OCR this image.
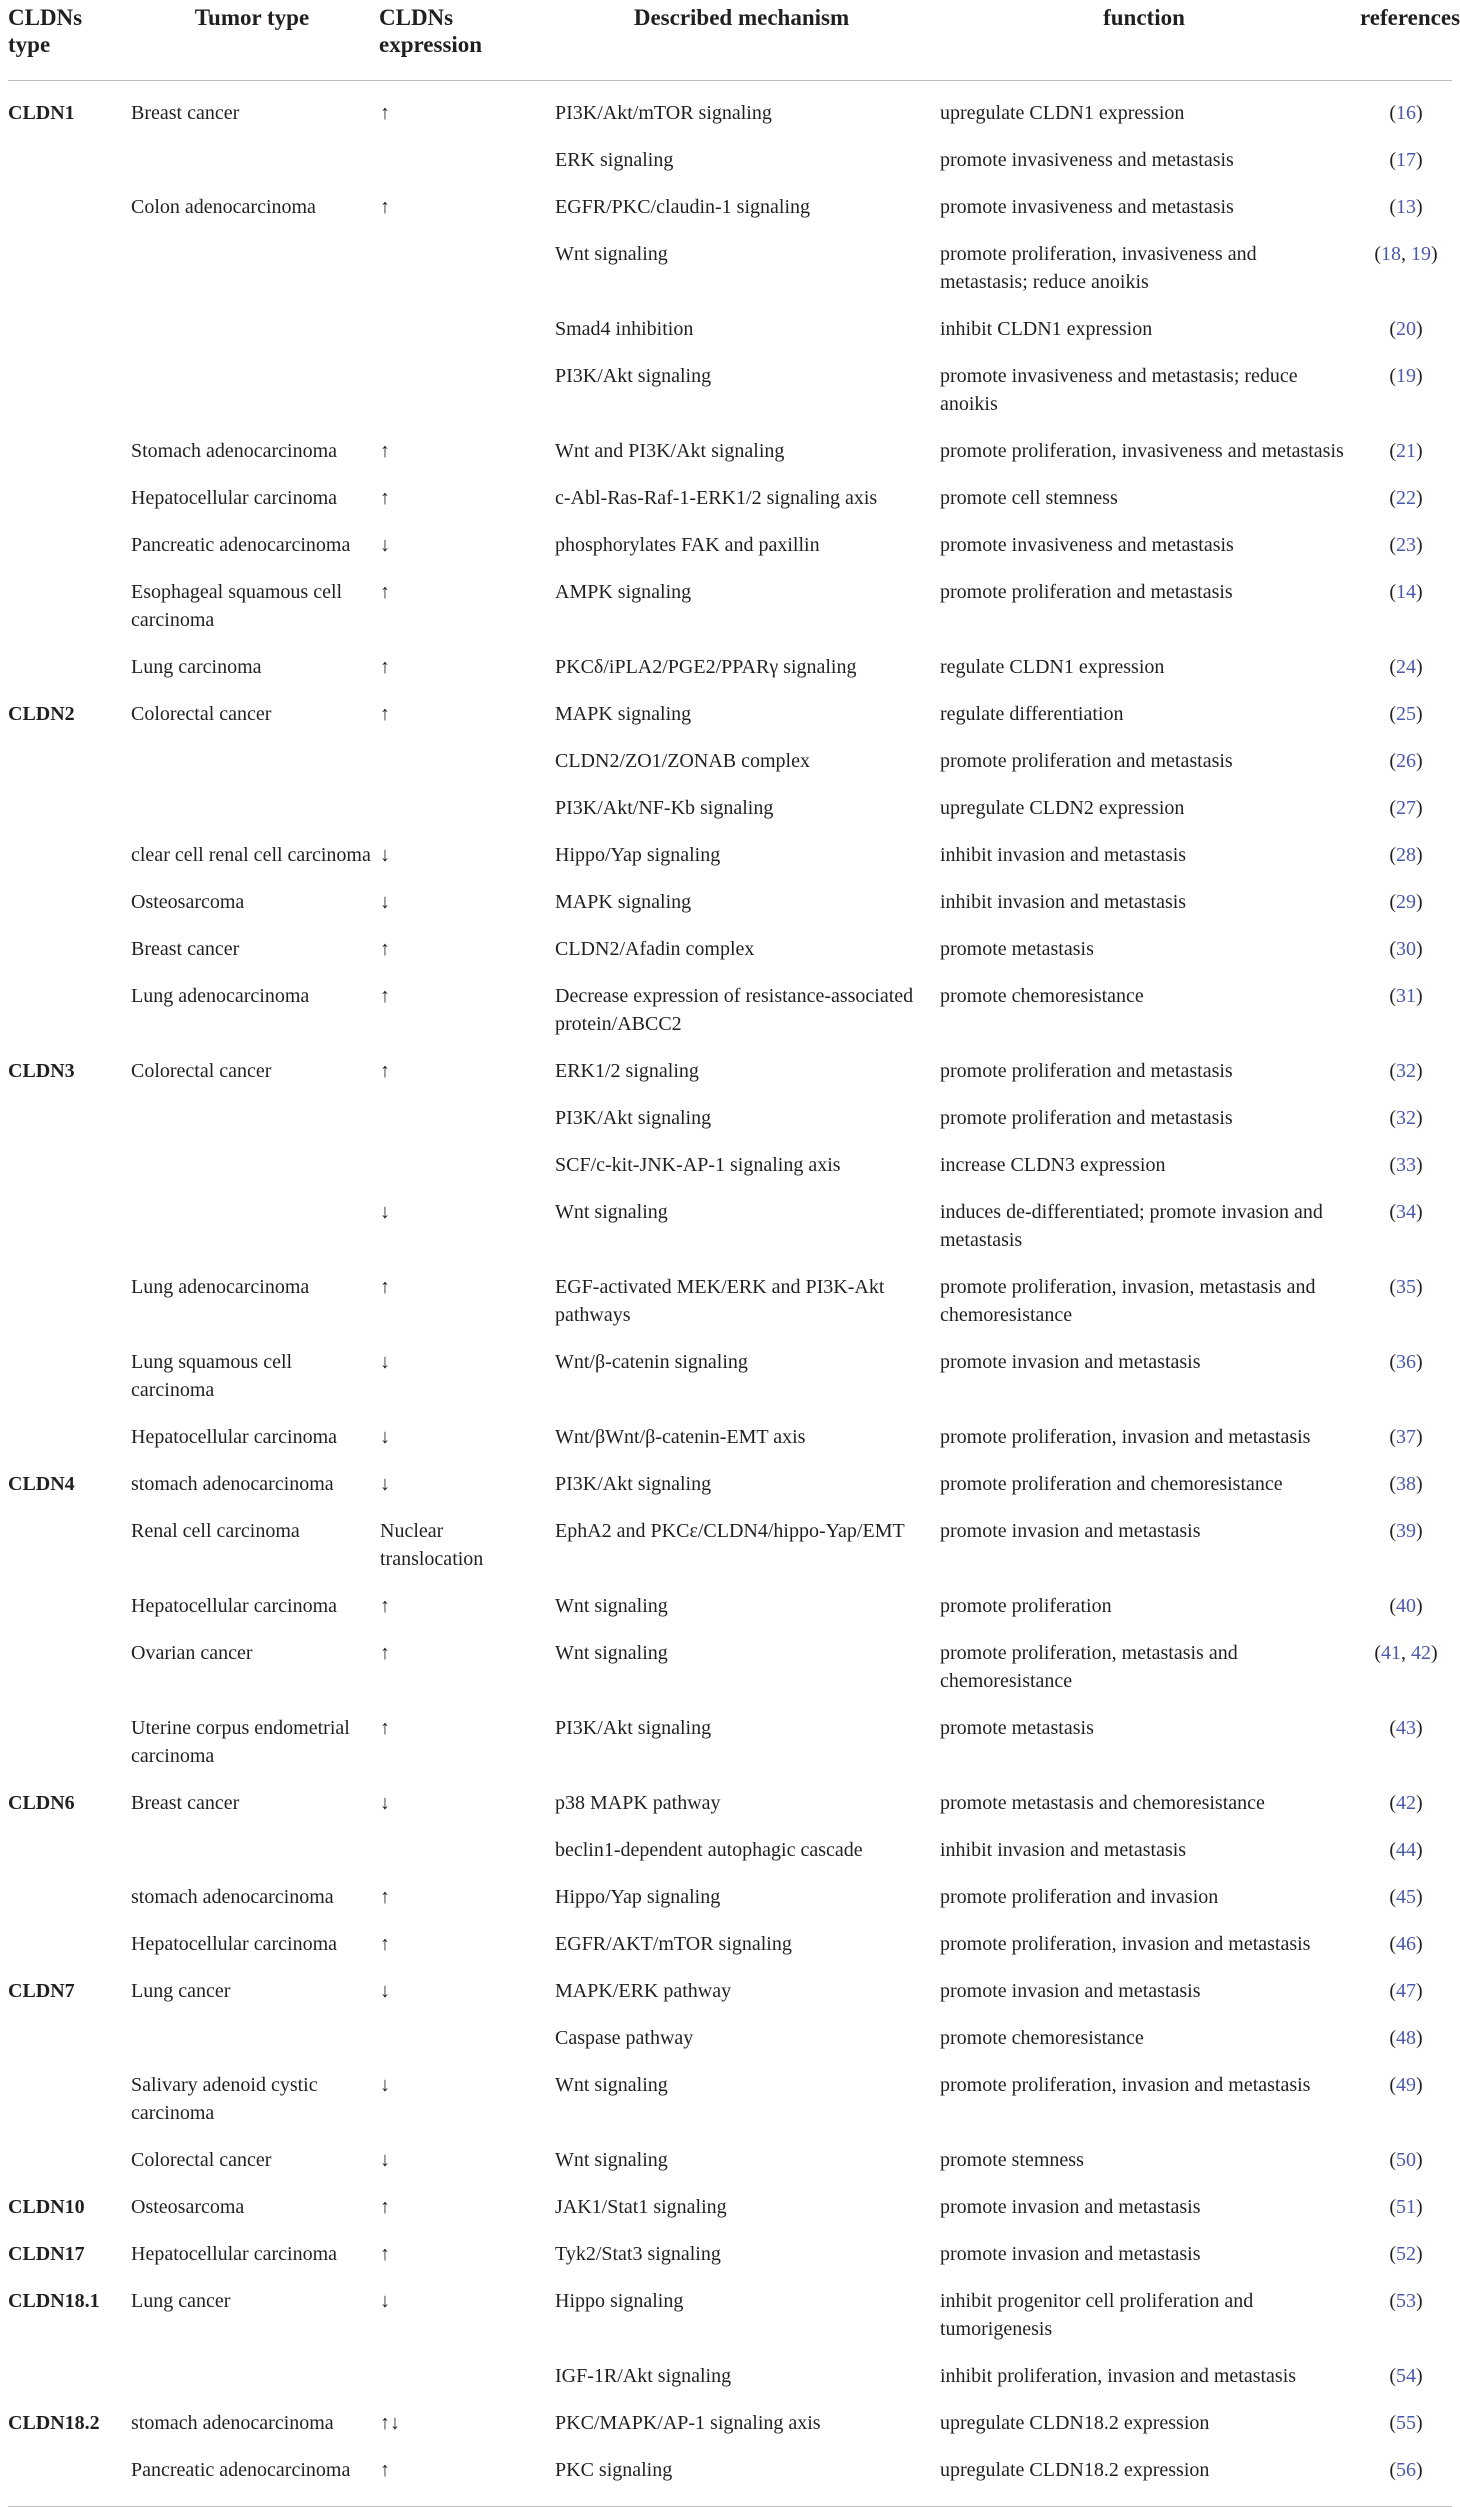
CLDNs type	Tumor type	CLDNs expression	Described mechanism	function	references
CLDN1	Breast cancer	↑	PI3K/Akt/mTOR signaling	upregulate CLDN1 expression	(16)
			ERK signaling	promote invasiveness and metastasis	(17)
	Colon adenocarcinoma	↑	EGFR/PKC/claudin-1 signaling	promote invasiveness and metastasis	(13)
			Wnt signaling	promote proliferation, invasiveness and metastasis; reduce anoikis	(18, 19)
			Smad4 inhibition	inhibit CLDN1 expression	(20)
			PI3K/Akt signaling	promote invasiveness and metastasis; reduce anoikis	(19)
	Stomach adenocarcinoma	↑	Wnt and PI3K/Akt signaling	promote proliferation, invasiveness and metastasis	(21)
	Hepatocellular carcinoma	↑	c-Abl-Ras-Raf-1-ERK1/2 signaling axis	promote cell stemness	(22)
	Pancreatic adenocarcinoma	↓	phosphorylates FAK and paxillin	promote invasiveness and metastasis	(23)
	Esophageal squamous cell carcinoma	↑	AMPK signaling	promote proliferation and metastasis	(14)
	Lung carcinoma	↑	PKCδ/iPLA2/PGE2/PPARγ signaling	regulate CLDN1 expression	(24)
CLDN2	Colorectal cancer	↑	MAPK signaling	regulate differentiation	(25)
			CLDN2/ZO1/ZONAB complex	promote proliferation and metastasis	(26)
			PI3K/Akt/NF-Kb signaling	upregulate CLDN2 expression	(27)
	clear cell renal cell carcinoma	↓	Hippo/Yap signaling	inhibit invasion and metastasis	(28)
	Osteosarcoma	↓	MAPK signaling	inhibit invasion and metastasis	(29)
	Breast cancer	↑	CLDN2/Afadin complex	promote metastasis	(30)
	Lung adenocarcinoma	↑	Decrease expression of resistance-associated protein/ABCC2	promote chemoresistance	(31)
CLDN3	Colorectal cancer	↑	ERK1/2 signaling	promote proliferation and metastasis	(32)
			PI3K/Akt signaling	promote proliferation and metastasis	(32)
			SCF/c-kit-JNK-AP-1 signaling axis	increase CLDN3 expression	(33)
		↓	Wnt signaling	induces de-differentiated; promote invasion and metastasis	(34)
	Lung adenocarcinoma	↑	EGF-activated MEK/ERK and PI3K-Akt pathways	promote proliferation, invasion, metastasis and chemoresistance	(35)
	Lung squamous cell carcinoma	↓	Wnt/β-catenin signaling	promote invasion and metastasis	(36)
	Hepatocellular carcinoma	↓	Wnt/βWnt/β-catenin-EMT axis	promote proliferation, invasion and metastasis	(37)
CLDN4	stomach adenocarcinoma	↓	PI3K/Akt signaling	promote proliferation and chemoresistance	(38)
	Renal cell carcinoma	Nuclear translocation	EphA2 and PKCε/CLDN4/hippo-Yap/EMT	promote invasion and metastasis	(39)
	Hepatocellular carcinoma	↑	Wnt signaling	promote proliferation	(40)
	Ovarian cancer	↑	Wnt signaling	promote proliferation, metastasis and chemoresistance	(41, 42)
	Uterine corpus endometrial carcinoma	↑	PI3K/Akt signaling	promote metastasis	(43)
CLDN6	Breast cancer	↓	p38 MAPK pathway	promote metastasis and chemoresistance	(42)
			beclin1-dependent autophagic cascade	inhibit invasion and metastasis	(44)
	stomach adenocarcinoma	↑	Hippo/Yap signaling	promote proliferation and invasion	(45)
	Hepatocellular carcinoma	↑	EGFR/AKT/mTOR signaling	promote proliferation, invasion and metastasis	(46)
CLDN7	Lung cancer	↓	MAPK/ERK pathway	promote invasion and metastasis	(47)
			Caspase pathway	promote chemoresistance	(48)
	Salivary adenoid cystic carcinoma	↓	Wnt signaling	promote proliferation, invasion and metastasis	(49)
	Colorectal cancer	↓	Wnt signaling	promote stemness	(50)
CLDN10	Osteosarcoma	↑	JAK1/Stat1 signaling	promote invasion and metastasis	(51)
CLDN17	Hepatocellular carcinoma	↑	Tyk2/Stat3 signaling	promote invasion and metastasis	(52)
CLDN18.1	Lung cancer	↓	Hippo signaling	inhibit progenitor cell proliferation and tumorigenesis	(53)
			IGF-1R/Akt signaling	inhibit proliferation, invasion and metastasis	(54)
CLDN18.2	stomach adenocarcinoma	↑↓	PKC/MAPK/AP-1 signaling axis	upregulate CLDN18.2 expression	(55)
	Pancreatic adenocarcinoma	↑	PKC signaling	upregulate CLDN18.2 expression	(56)
